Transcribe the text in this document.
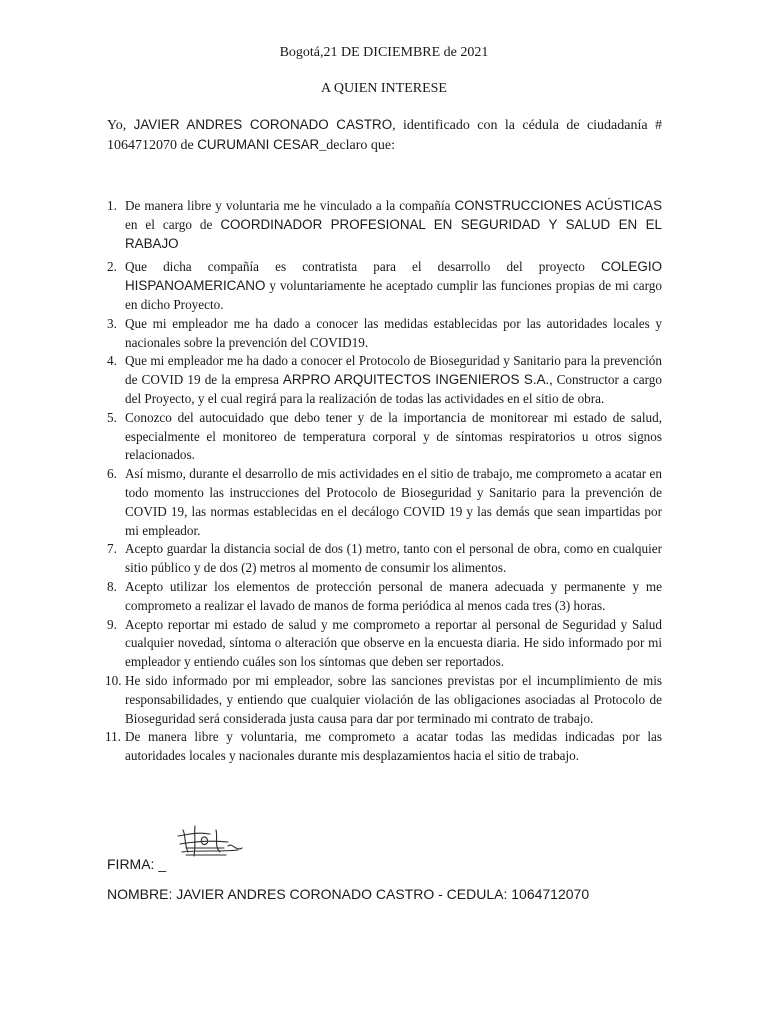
Bogotá,21 DE DICIEMBRE de 2021
A QUIEN INTERESE
Yo, JAVIER ANDRES CORONADO CASTRO, identificado con la cédula de ciudadanía # 1064712070 de CURUMANI CESAR_declaro que:
1. De manera libre y voluntaria me he vinculado a la compañía CONSTRUCCIONES ACÚSTICAS en el cargo de COORDINADOR PROFESIONAL EN SEGURIDAD Y SALUD EN EL RABAJO
2. Que dicha compañía es contratista para el desarrollo del proyecto COLEGIO HISPANOAMERICANO y voluntariamente he aceptado cumplir las funciones propias de mi cargo en dicho Proyecto.
3. Que mi empleador me ha dado a conocer las medidas establecidas por las autoridades locales y nacionales sobre la prevención del COVID19.
4. Que mi empleador me ha dado a conocer el Protocolo de Bioseguridad y Sanitario para la prevención de COVID 19 de la empresa ARPRO ARQUITECTOS INGENIEROS S.A., Constructor a cargo del Proyecto, y el cual regirá para la realización de todas las actividades en el sitio de obra.
5. Conozco del autocuidado que debo tener y de la importancia de monitorear mi estado de salud, especialmente el monitoreo de temperatura corporal y de síntomas respiratorios u otros signos relacionados.
6. Así mismo, durante el desarrollo de mis actividades en el sitio de trabajo, me comprometo a acatar en todo momento las instrucciones del Protocolo de Bioseguridad y Sanitario para la prevención de COVID 19, las normas establecidas en el decálogo COVID 19 y las demás que sean impartidas por mi empleador.
7. Acepto guardar la distancia social de dos (1) metro, tanto con el personal de obra, como en cualquier sitio público y de dos (2) metros al momento de consumir los alimentos.
8. Acepto utilizar los elementos de protección personal de manera adecuada y permanente y me comprometo a realizar el lavado de manos de forma periódica al menos cada tres (3) horas.
9. Acepto reportar mi estado de salud y me comprometo a reportar al personal de Seguridad y Salud cualquier novedad, síntoma o alteración que observe en la encuesta diaria. He sido informado por mi empleador y entiendo cuáles son los síntomas que deben ser reportados.
10. He sido informado por mi empleador, sobre las sanciones previstas por el incumplimiento de mis responsabilidades, y entiendo que cualquier violación de las obligaciones asociadas al Protocolo de Bioseguridad será considerada justa causa para dar por terminado mi contrato de trabajo.
11. De manera libre y voluntaria, me comprometo a acatar todas las medidas indicadas por las autoridades locales y nacionales durante mis desplazamientos hacia el sitio de trabajo.
FIRMA: _
NOMBRE: JAVIER ANDRES CORONADO CASTRO - CEDULA: 1064712070
